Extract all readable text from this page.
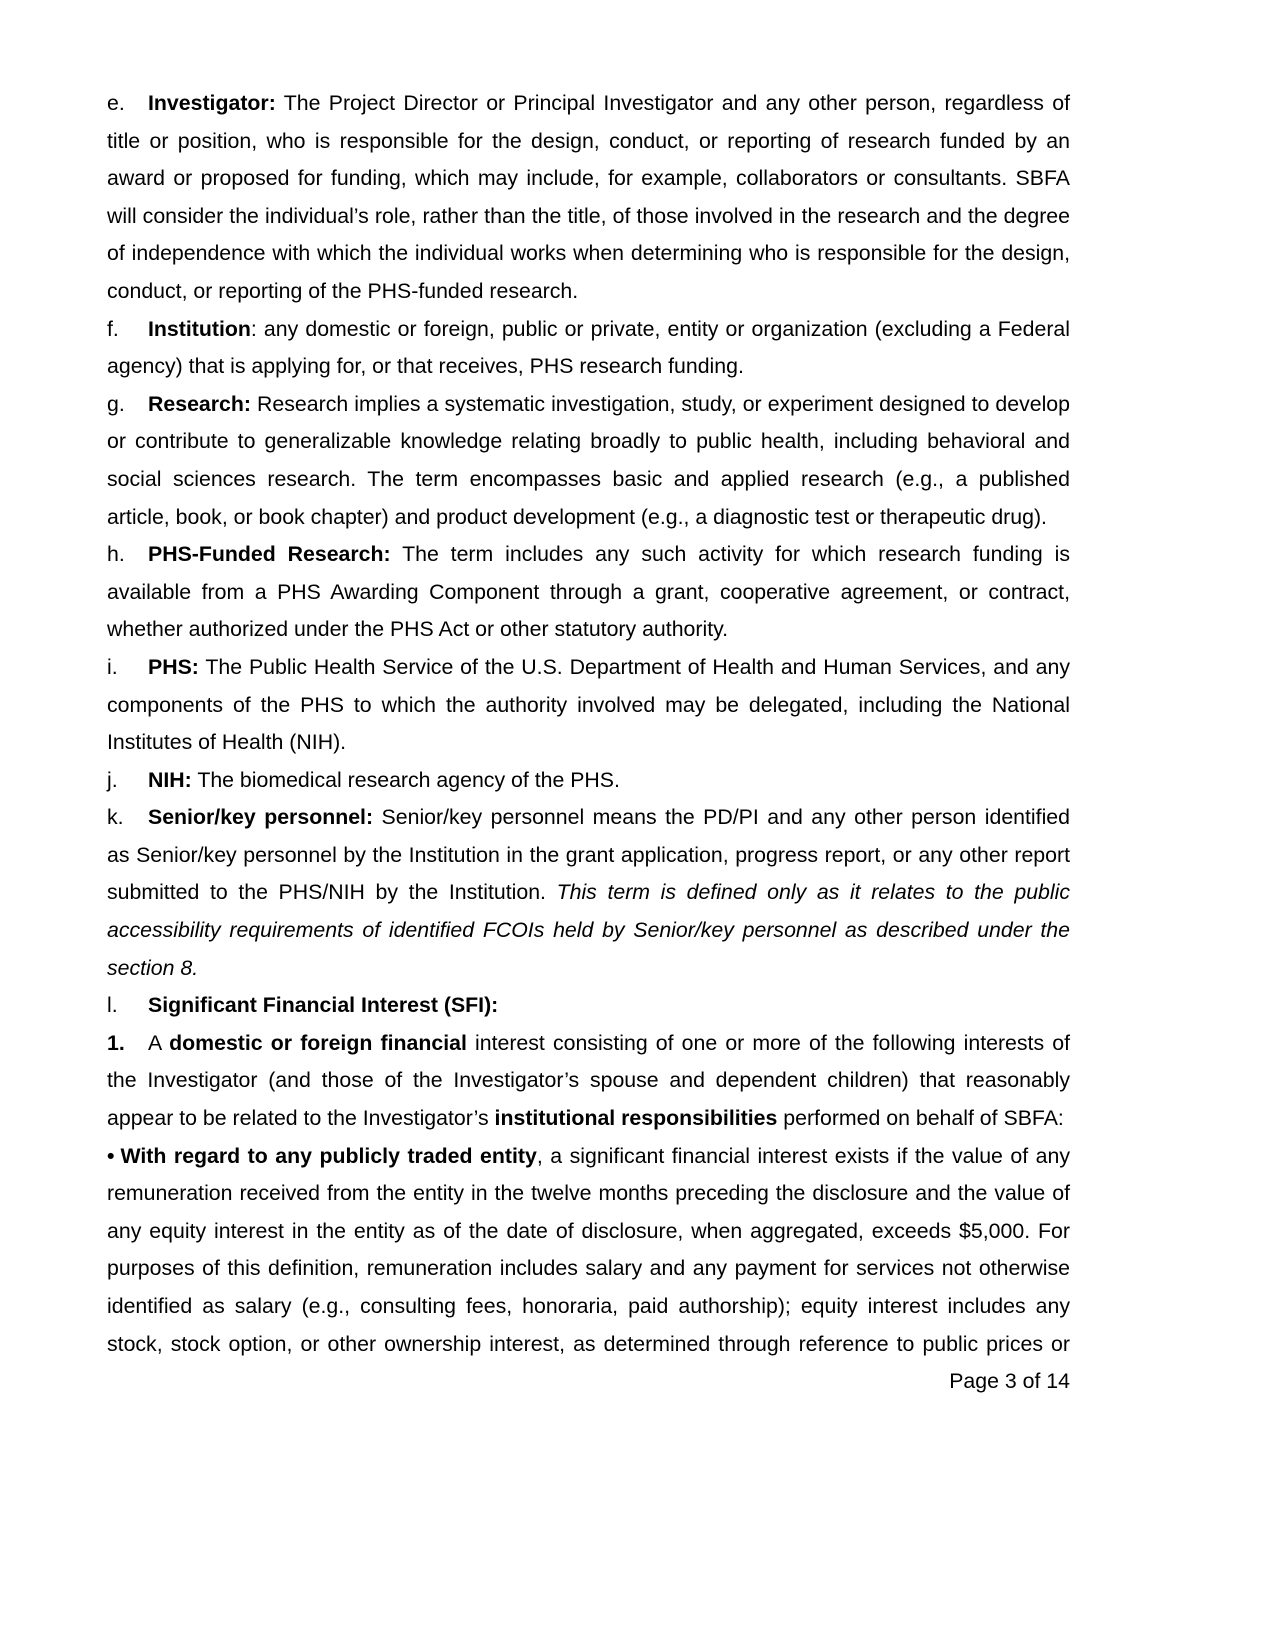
e. Investigator: The Project Director or Principal Investigator and any other person, regardless of title or position, who is responsible for the design, conduct, or reporting of research funded by an award or proposed for funding, which may include, for example, collaborators or consultants. SBFA will consider the individual’s role, rather than the title, of those involved in the research and the degree of independence with which the individual works when determining who is responsible for the design, conduct, or reporting of the PHS-funded research.

f. Institution: any domestic or foreign, public or private, entity or organization (excluding a Federal agency) that is applying for, or that receives, PHS research funding.

g. Research: Research implies a systematic investigation, study, or experiment designed to develop or contribute to generalizable knowledge relating broadly to public health, including behavioral and social sciences research. The term encompasses basic and applied research (e.g., a published article, book, or book chapter) and product development (e.g., a diagnostic test or therapeutic drug).

h. PHS-Funded Research: The term includes any such activity for which research funding is available from a PHS Awarding Component through a grant, cooperative agreement, or contract, whether authorized under the PHS Act or other statutory authority.

i. PHS: The Public Health Service of the U.S. Department of Health and Human Services, and any components of the PHS to which the authority involved may be delegated, including the National Institutes of Health (NIH).

j. NIH: The biomedical research agency of the PHS.

k. Senior/key personnel: Senior/key personnel means the PD/PI and any other person identified as Senior/key personnel by the Institution in the grant application, progress report, or any other report submitted to the PHS/NIH by the Institution. This term is defined only as it relates to the public accessibility requirements of identified FCOIs held by Senior/key personnel as described under the section 8.

l. Significant Financial Interest (SFI):

1. A domestic or foreign financial interest consisting of one or more of the following interests of the Investigator (and those of the Investigator’s spouse and dependent children) that reasonably appear to be related to the Investigator’s institutional responsibilities performed on behalf of SBFA:

• With regard to any publicly traded entity, a significant financial interest exists if the value of any remuneration received from the entity in the twelve months preceding the disclosure and the value of any equity interest in the entity as of the date of disclosure, when aggregated, exceeds $5,000. For purposes of this definition, remuneration includes salary and any payment for services not otherwise identified as salary (e.g., consulting fees, honoraria, paid authorship); equity interest includes any stock, stock option, or other ownership interest, as determined through reference to public prices or

Page 3 of 14
